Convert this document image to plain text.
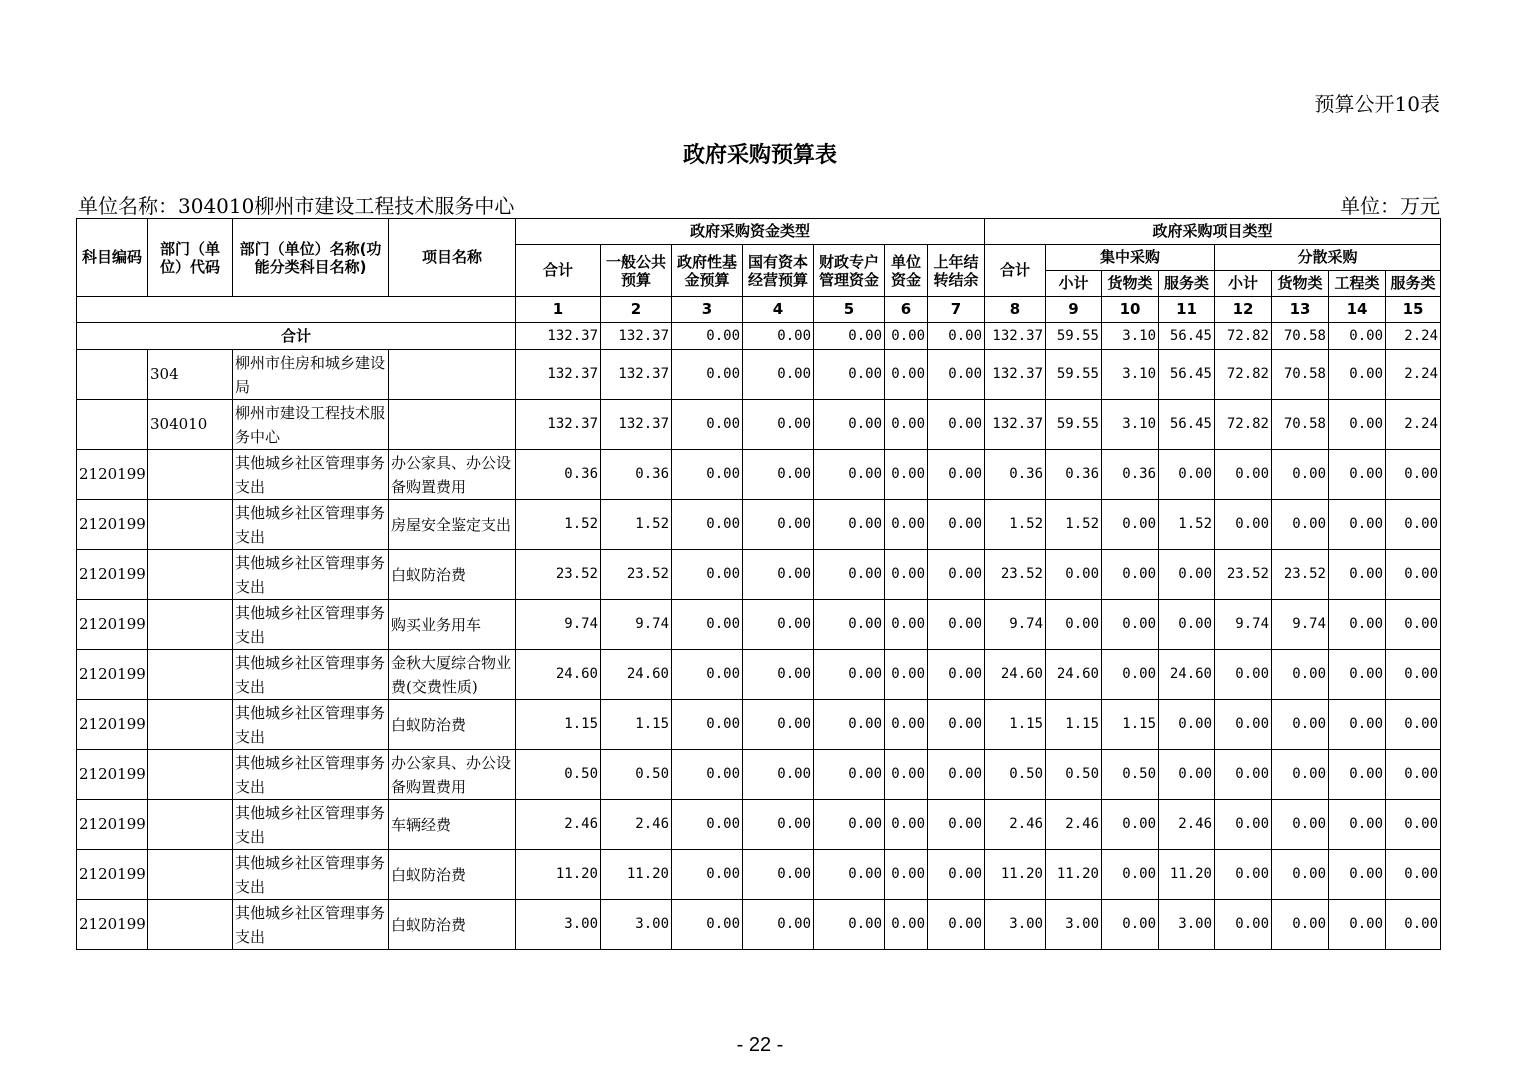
预算公开10表
政府采购预算表
单位名称：304010柳州市建设工程技术服务中心	单位：万元
科目编码	部门（单位）代码	部门（单位）名称(功能分类科目名称)	项目名称	政府采购资金类型							政府采购项目类型							
				合计	一般公共预算	政府性基金预算	国有资本经营预算	财政专户管理资金	单位资金	上年结转结余	合计	集中采购			分散采购			
												小计	货物类	服务类	小计	货物类	工程类	服务类
				1	2	3	4	5	6	7	8	9	10	11	12	13	14	15
合计				132.37	132.37	0.00	0.00	0.00	0.00	0.00	132.37	59.55	3.10	56.45	72.82	70.58	0.00	2.24
	304	柳州市住房和城乡建设局		132.37	132.37	0.00	0.00	0.00	0.00	0.00	132.37	59.55	3.10	56.45	72.82	70.58	0.00	2.24
	304010	柳州市建设工程技术服务中心		132.37	132.37	0.00	0.00	0.00	0.00	0.00	132.37	59.55	3.10	56.45	72.82	70.58	0.00	2.24
2120199		其他城乡社区管理事务支出	办公家具、办公设备购置费用	0.36	0.36	0.00	0.00	0.00	0.00	0.00	0.36	0.36	0.36	0.00	0.00	0.00	0.00	0.00
2120199		其他城乡社区管理事务支出	房屋安全鉴定支出	1.52	1.52	0.00	0.00	0.00	0.00	0.00	1.52	1.52	0.00	1.52	0.00	0.00	0.00	0.00
2120199		其他城乡社区管理事务支出	白蚁防治费	23.52	23.52	0.00	0.00	0.00	0.00	0.00	23.52	0.00	0.00	0.00	23.52	23.52	0.00	0.00
2120199		其他城乡社区管理事务支出	购买业务用车	9.74	9.74	0.00	0.00	0.00	0.00	0.00	9.74	0.00	0.00	0.00	9.74	9.74	0.00	0.00
2120199		其他城乡社区管理事务支出	金秋大厦综合物业费(交费性质)	24.60	24.60	0.00	0.00	0.00	0.00	0.00	24.60	24.60	0.00	24.60	0.00	0.00	0.00	0.00
2120199		其他城乡社区管理事务支出	白蚁防治费	1.15	1.15	0.00	0.00	0.00	0.00	0.00	1.15	1.15	1.15	0.00	0.00	0.00	0.00	0.00
2120199		其他城乡社区管理事务支出	办公家具、办公设备购置费用	0.50	0.50	0.00	0.00	0.00	0.00	0.00	0.50	0.50	0.50	0.00	0.00	0.00	0.00	0.00
2120199		其他城乡社区管理事务支出	车辆经费	2.46	2.46	0.00	0.00	0.00	0.00	0.00	2.46	2.46	0.00	2.46	0.00	0.00	0.00	0.00
2120199		其他城乡社区管理事务支出	白蚁防治费	11.20	11.20	0.00	0.00	0.00	0.00	0.00	11.20	11.20	0.00	11.20	0.00	0.00	0.00	0.00
2120199		其他城乡社区管理事务支出	白蚁防治费	3.00	3.00	0.00	0.00	0.00	0.00	0.00	3.00	3.00	0.00	3.00	0.00	0.00	0.00	0.00
- 22 -
